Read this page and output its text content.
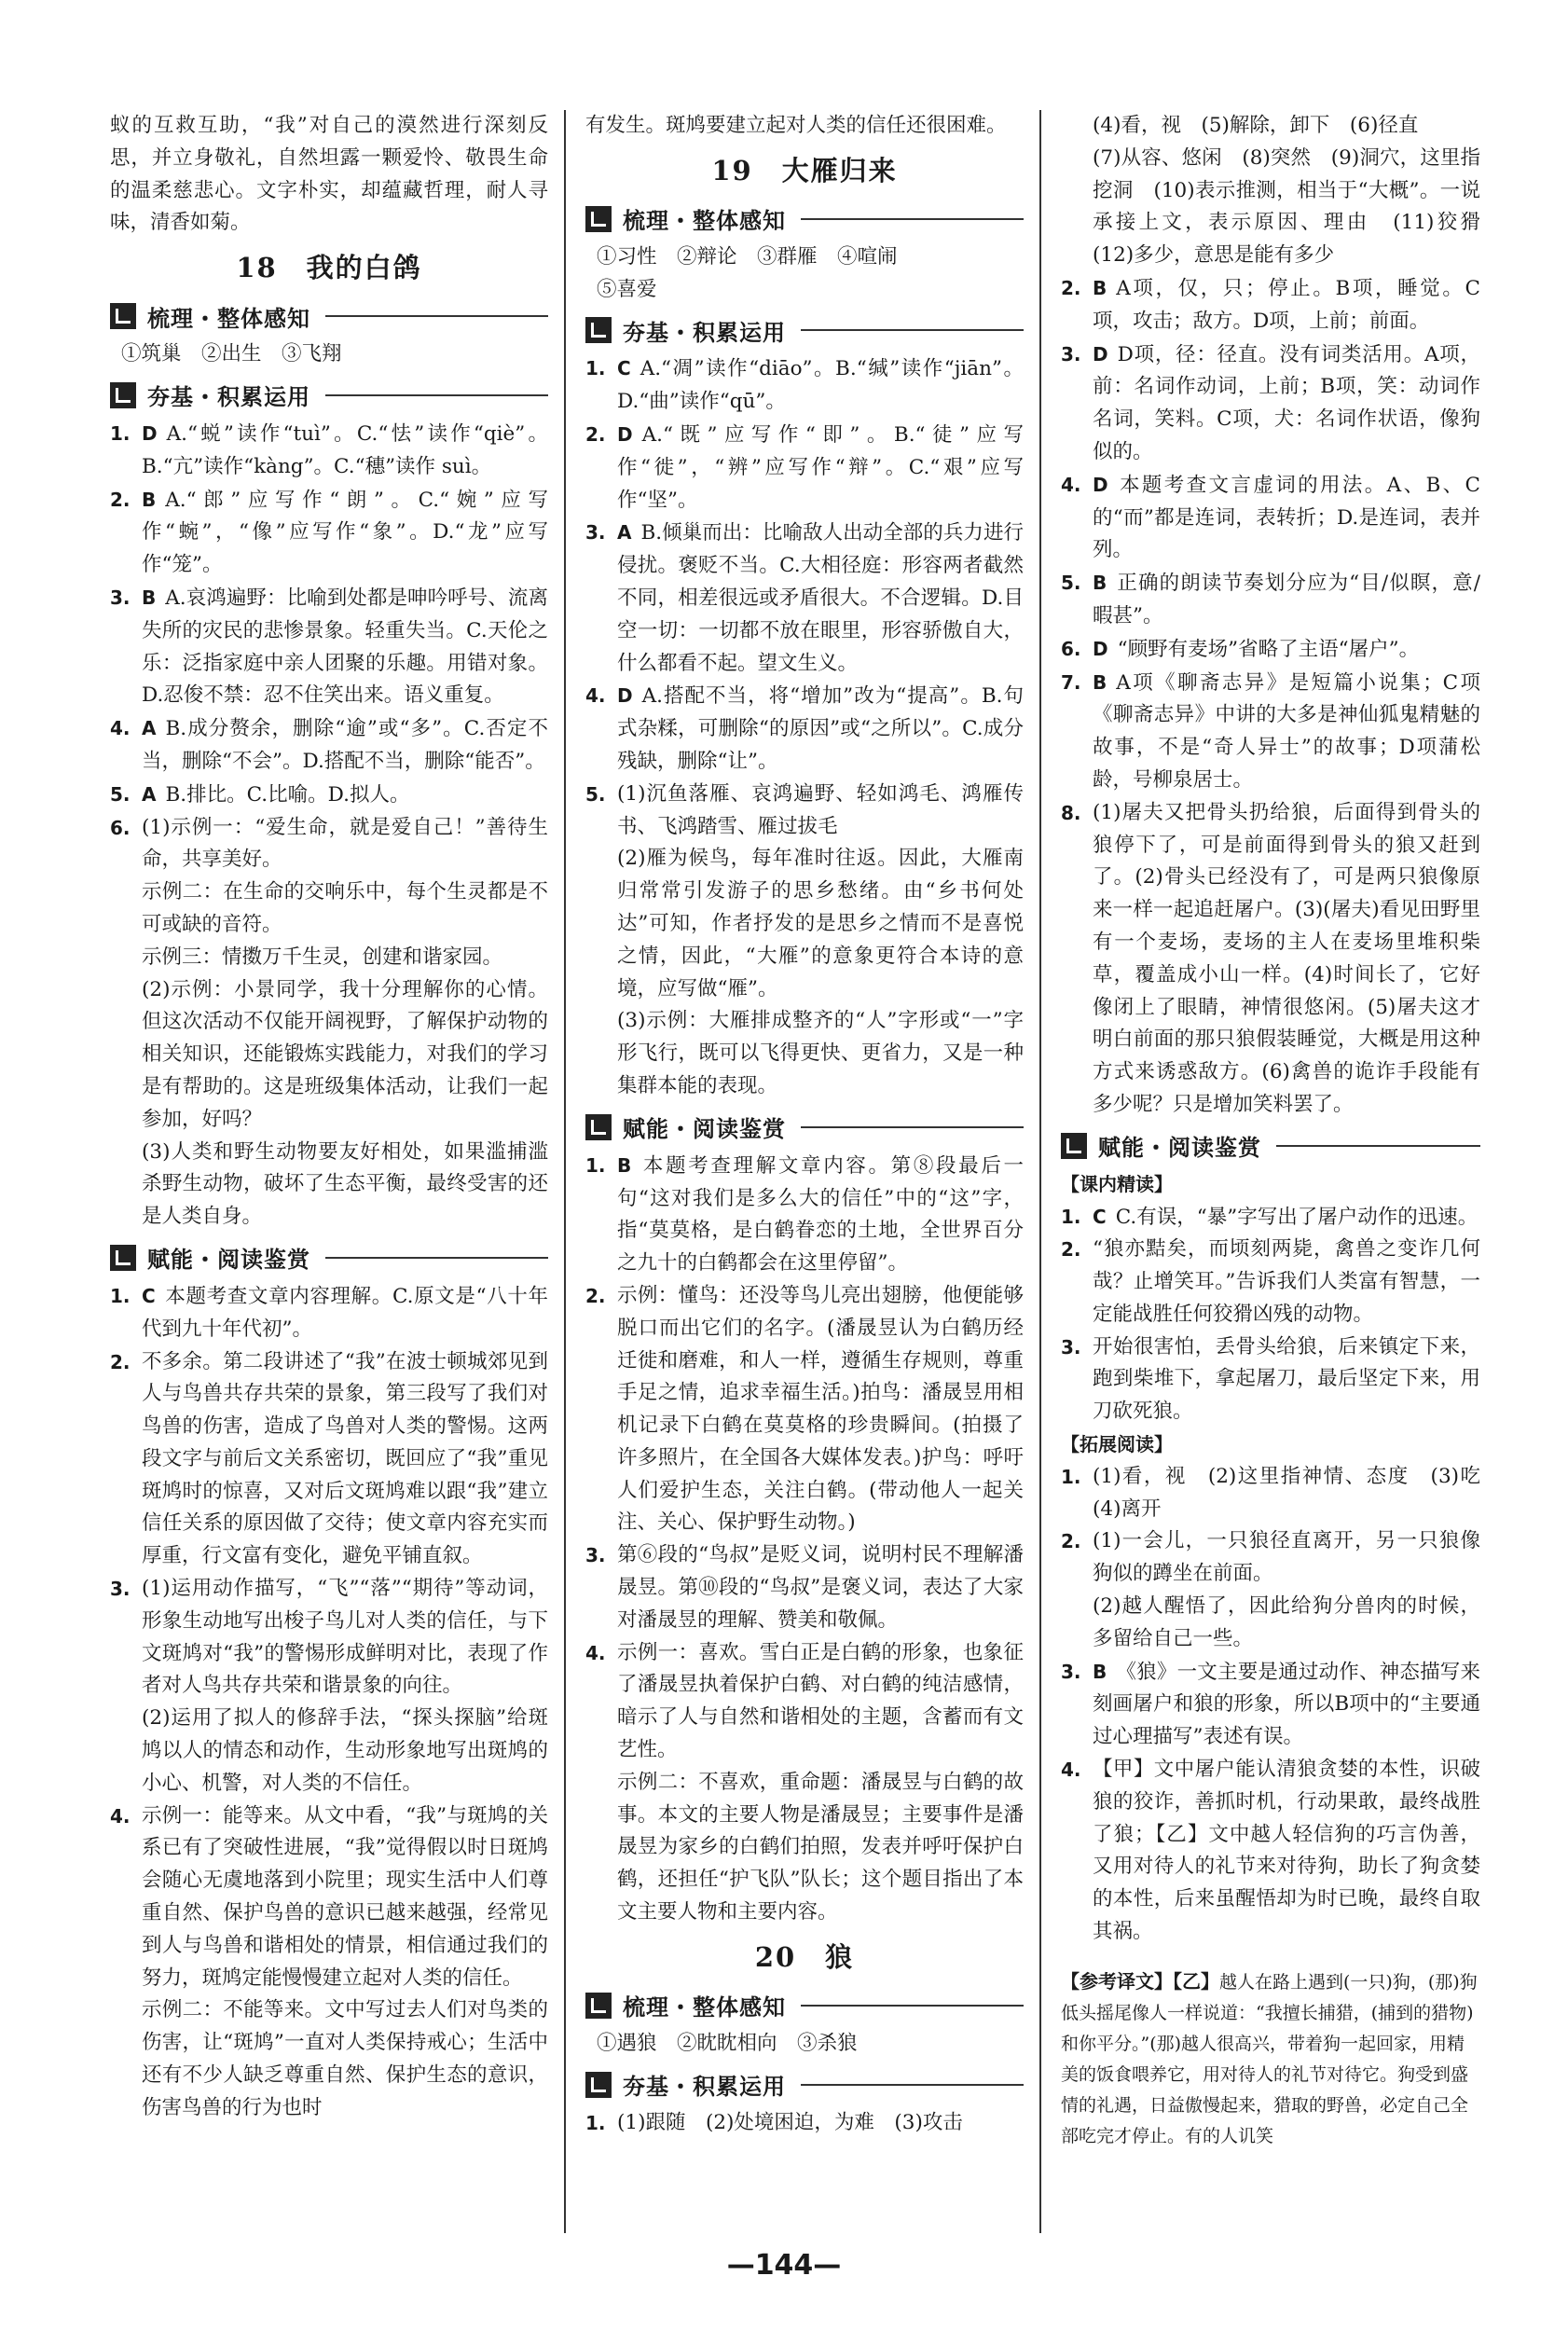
蚁的互救互助，“我”对自己的漠然进行深刻反思，并立身敬礼，自然坦露一颗爱怜、敬畏生命的温柔慈悲心。文字朴实，却蕴藏哲理，耐人寻味，清香如菊。

18　我的白鸽
梳理・整体感知
①筑巢　②出生　③飞翔
夯基・积累运用
1. D A.“蜕”读作“tuì”。C.“怯”读作“qiè”。B.“亢”读作“kàng”。C.“穗”读作 suì。
2. B A.“郎”应写作“朗”。C.“婉”应写作“蜿”，“像”应写作“象”。D.“龙”应写作“笼”。
3. B A.哀鸿遍野：比喻到处都是呻吟呼号、流离失所的灾民的悲惨景象。轻重失当。C.天伦之乐：泛指家庭中亲人团聚的乐趣。用错对象。D.忍俊不禁：忍不住笑出来。语义重复。
4. A B.成分赘余，删除“逾”或“多”。C.否定不当，删除“不会”。D.搭配不当，删除“能否”。
5. A B.排比。C.比喻。D.拟人。
6. (1)示例一：“爱生命，就是爱自己！”善待生命，共享美好。
示例二：在生命的交响乐中，每个生灵都是不可或缺的音符。
示例三：情擞万千生灵，创建和谐家园。
(2)示例：小景同学，我十分理解你的心情。但这次活动不仅能开阔视野，了解保护动物的相关知识，还能锻炼实践能力，对我们的学习是有帮助的。这是班级集体活动，让我们一起参加，好吗？
(3)人类和野生动物要友好相处，如果滥捕滥杀野生动物，破坏了生态平衡，最终受害的还是人类自身。
赋能・阅读鉴赏
1. C 本题考查文章内容理解。C.原文是“八十年代到九十年代初”。
2. 不多余。第二段讲述了“我”在波士顿城郊见到人与鸟兽共存共荣的景象，第三段写了我们对鸟兽的伤害，造成了鸟兽对人类的警惕。这两段文字与前后文关系密切，既回应了“我”重见斑鸠时的惊喜，又对后文斑鸠难以跟“我”建立信任关系的原因做了交待；使文章内容充实而厚重，行文富有变化，避免平铺直叙。
3. (1)运用动作描写，“飞”“落”“期待”等动词，形象生动地写出梭子鸟儿对人类的信任，与下文斑鸠对“我”的警惕形成鲜明对比，表现了作者对人鸟共存共荣和谐景象的向往。
(2)运用了拟人的修辞手法，“探头探脑”给斑鸠以人的情态和动作，生动形象地写出斑鸠的小心、机警，对人类的不信任。
4. 示例一：能等来。从文中看，“我”与斑鸠的关系已有了突破性进展，“我”觉得假以时日斑鸠会随心无虞地落到小院里；现实生活中人们尊重自然、保护鸟兽的意识已越来越强，经常见到人与鸟兽和谐相处的情景，相信通过我们的努力，斑鸠定能慢慢建立起对人类的信任。
示例二：不能等来。文中写过去人们对鸟类的伤害，让“斑鸠”一直对人类保持戒心；生活中还有不少人缺乏尊重自然、保护生态的意识，伤害鸟兽的行为也时

有发生。斑鸠要建立起对人类的信任还很困难。

19　大雁归来
梳理・整体感知
①习性　②辩论　③群雁　④喧闹
⑤喜爱
夯基・积累运用
1. C A.“凋”读作“diāo”。B.“缄”读作“jiān”。D.“曲”读作“qū”。
2. D A.“既”应写作“即”。B.“徒”应写作“徙”，“辨”应写作“辩”。C.“艰”应写作“坚”。
3. A B.倾巢而出：比喻敌人出动全部的兵力进行侵扰。褒贬不当。C.大相径庭：形容两者截然不同，相差很远或矛盾很大。不合逻辑。D.目空一切：一切都不放在眼里，形容骄傲自大，什么都看不起。望文生义。
4. D A.搭配不当，将“增加”改为“提高”。B.句式杂糅，可删除“的原因”或“之所以”。C.成分残缺，删除“让”。
5. (1)沉鱼落雁、哀鸿遍野、轻如鸿毛、鸿雁传书、飞鸿踏雪、雁过拔毛
(2)雁为候鸟，每年准时往返。因此，大雁南归常常引发游子的思乡愁绪。由“乡书何处达”可知，作者抒发的是思乡之情而不是喜悦之情，因此，“大雁”的意象更符合本诗的意境，应写做“雁”。
(3)示例：大雁排成整齐的“人”字形或“一”字形飞行，既可以飞得更快、更省力，又是一种集群本能的表现。
赋能・阅读鉴赏
1. B 本题考查理解文章内容。第⑧段最后一句“这对我们是多么大的信任”中的“这”字，指“莫莫格，是白鹤眷恋的土地，全世界百分之九十的白鹤都会在这里停留”。
2. 示例：懂鸟：还没等鸟儿亮出翅膀，他便能够脱口而出它们的名字。(潘晟昱认为白鹤历经迁徙和磨难，和人一样，遵循生存规则，尊重手足之情，追求幸福生活。)拍鸟：潘晟昱用相机记录下白鹤在莫莫格的珍贵瞬间。(拍摄了许多照片，在全国各大媒体发表。)护鸟：呼吁人们爱护生态，关注白鹤。(带动他人一起关注、关心、保护野生动物。)
3. 第⑥段的“鸟叔”是贬义词，说明村民不理解潘晟昱。第⑩段的“鸟叔”是褒义词，表达了大家对潘晟昱的理解、赞美和敬佩。
4. 示例一：喜欢。雪白正是白鹤的形象，也象征了潘晟昱执着保护白鹤、对白鹤的纯洁感情，暗示了人与自然和谐相处的主题，含蓄而有文艺性。
示例二：不喜欢，重命题：潘晟昱与白鹤的故事。本文的主要人物是潘晟昱；主要事件是潘晟昱为家乡的白鹤们拍照，发表并呼吁保护白鹤，还担任“护飞队”队长；这个题目指出了本文主要人物和主要内容。
20　狼
梳理・整体感知
①遇狼　②眈眈相向　③杀狼
夯基・积累运用
1. (1)跟随　(2)处境困迫，为难　(3)攻击
(4)看，视　(5)解除，卸下　(6)径直
(7)从容、悠闲　(8)突然　(9)洞穴，这里指挖洞　(10)表示推测，相当于“大概”。一说承接上文，表示原因、理由　(11)狡猾　(12)多少，意思是能有多少
2. B A项，仅，只；停止。B项，睡觉。C项，攻击；敌方。D项，上前；前面。
3. D D项，径：径直。没有词类活用。A项，前：名词作动词，上前；B项，笑：动词作名词，笑料。C项，犬：名词作状语，像狗似的。
4. D 本题考查文言虚词的用法。A、B、C的“而”都是连词，表转折；D.是连词，表并列。
5. B 正确的朗读节奏划分应为“目/似瞑，意/暇甚”。
6. D “顾野有麦场”省略了主语“屠户”。
7. B A项《聊斋志异》是短篇小说集；C项《聊斋志异》中讲的大多是神仙狐鬼精魅的故事，不是“奇人异士”的故事；D项蒲松龄，号柳泉居士。
8. (1)屠夫又把骨头扔给狼，后面得到骨头的狼停下了，可是前面得到骨头的狼又赶到了。(2)骨头已经没有了，可是两只狼像原来一样一起追赶屠户。(3)(屠夫)看见田野里有一个麦场，麦场的主人在麦场里堆积柴草，覆盖成小山一样。(4)时间长了，它好像闭上了眼睛，神情很悠闲。(5)屠夫这才明白前面的那只狼假装睡觉，大概是用这种方式来诱惑敌方。(6)禽兽的诡诈手段能有多少呢？只是增加笑料罢了。
赋能・阅读鉴赏
【课内精读】
1. C C.有误，“暴”字写出了屠户动作的迅速。
2. “狼亦黠矣，而顷刻两毙，禽兽之变诈几何哉？止增笑耳。”告诉我们人类富有智慧，一定能战胜任何狡猾凶残的动物。
3. 开始很害怕，丢骨头给狼，后来镇定下来，跑到柴堆下，拿起屠刀，最后坚定下来，用刀砍死狼。
【拓展阅读】
1. (1)看，视　(2)这里指神情、态度　(3)吃　(4)离开
2. (1)一会儿，一只狼径直离开，另一只狼像狗似的蹲坐在前面。
(2)越人醒悟了，因此给狗分兽肉的时候，多留给自己一些。
3. B 《狼》一文主要是通过动作、神态描写来刻画屠户和狼的形象，所以B项中的“主要通过心理描写”表述有误。
4. 【甲】文中屠户能认清狼贪婪的本性，识破狼的狡诈，善抓时机，行动果敢，最终战胜了狼；【乙】文中越人轻信狗的巧言伪善，又用对待人的礼节来对待狗，助长了狗贪婪的本性，后来虽醒悟却为时已晚，最终自取其祸。

【参考译文】【乙】越人在路上遇到(一只)狗，(那)狗低头摇尾像人一样说道：“我擅长捕猎，(捕到的猎物)和你平分。”(那)越人很高兴，带着狗一起回家，用精美的饭食喂养它，用对待人的礼节对待它。狗受到盛情的礼遇，日益傲慢起来，猎取的野兽，必定自己全部吃完才停止。有的人讥笑

—144—
